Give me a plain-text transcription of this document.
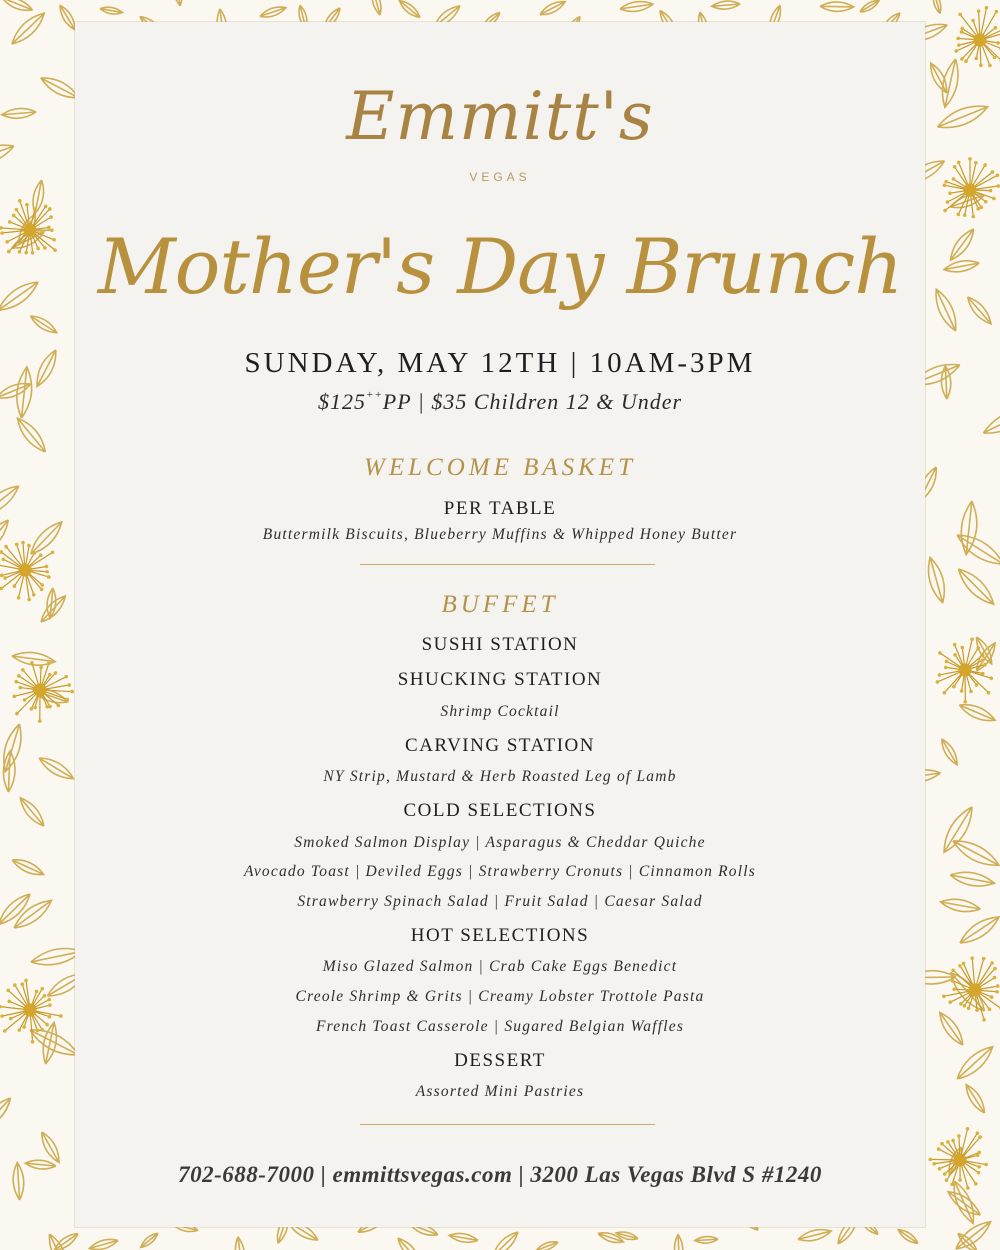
Emmitt's

VEGAS

Mother's Day Brunch

SUNDAY, MAY 12TH | 10AM-3PM

$125++PP | $35 Children 12 & Under

WELCOME BASKET

PER TABLE

Buttermilk Biscuits, Blueberry Muffins & Whipped Honey Butter

BUFFET

SUSHI STATION

SHUCKING STATION

Shrimp Cocktail

CARVING STATION

NY Strip, Mustard & Herb Roasted Leg of Lamb

COLD SELECTIONS

Smoked Salmon Display | Asparagus & Cheddar Quiche

Avocado Toast | Deviled Eggs | Strawberry Cronuts | Cinnamon Rolls

Strawberry Spinach Salad | Fruit Salad | Caesar Salad

HOT SELECTIONS

Miso Glazed Salmon | Crab Cake Eggs Benedict

Creole Shrimp & Grits | Creamy Lobster Trottole Pasta

French Toast Casserole | Sugared Belgian Waffles

DESSERT

Assorted Mini Pastries

702-688-7000 | emmittsvegas.com | 3200 Las Vegas Blvd S #1240
